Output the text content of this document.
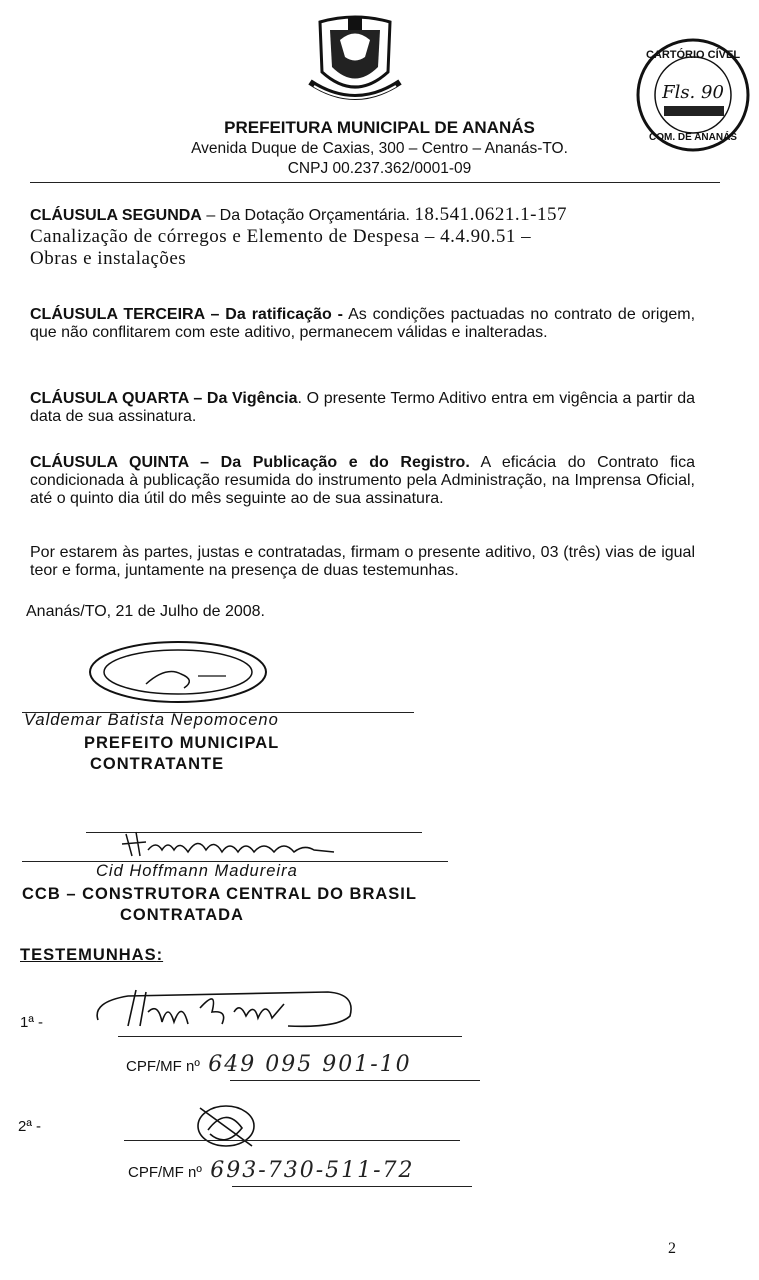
CARTÓRIO CÍVEL
Fls. 90
COM. DE ANANÁS
PREFEITURA MUNICIPAL DE ANANÁS
Avenida Duque de Caxias, 300 – Centro – Ananás-TO.
CNPJ 00.237.362/0001-09
CLÁUSULA SEGUNDA – Da Dotação Orçamentária. 18.541.0621.1-157
Canalização de córregos e Elemento de Despesa – 4.4.90.51 –
Obras e instalações
CLÁUSULA TERCEIRA – Da ratificação - As condições pactuadas no contrato de origem, que não conflitarem com este aditivo, permanecem válidas e inalteradas.
CLÁUSULA QUARTA – Da Vigência. O presente Termo Aditivo entra em vigência a partir da data de sua assinatura.
CLÁUSULA QUINTA – Da Publicação e do Registro. A eficácia do Contrato fica condicionada à publicação resumida do instrumento pela Administração, na Imprensa Oficial, até o quinto dia útil do mês seguinte ao de sua assinatura.
Por estarem às partes, justas e contratadas, firmam o presente aditivo, 03 (três) vias de igual teor e forma, juntamente na presença de duas testemunhas.
Ananás/TO, 21 de Julho de 2008.
Valdemar Batista Nepomoceno
PREFEITO MUNICIPAL
CONTRATANTE
Cid Hoffmann Madureira
CCB – CONSTRUTORA CENTRAL DO BRASIL
CONTRATADA
TESTEMUNHAS:
1ª -
CPF/MF nº 649 095 901-10
2ª -
CPF/MF nº 693-730-511-72
2
